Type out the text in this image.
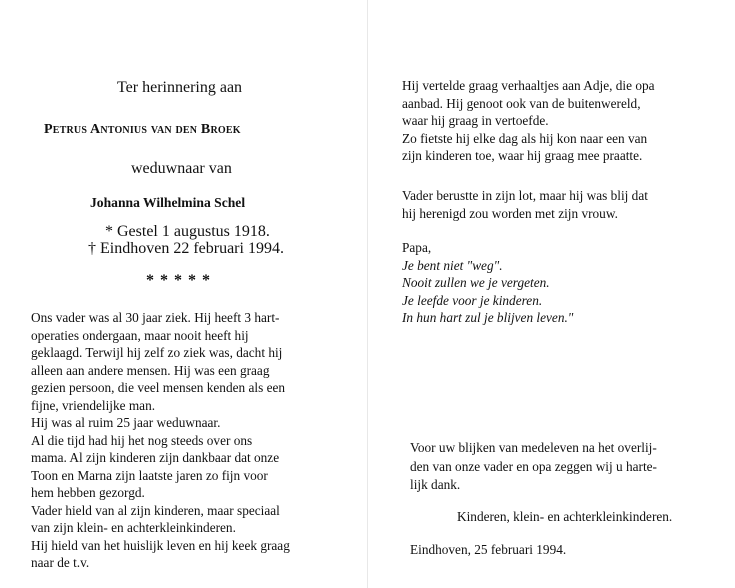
Ter herinnering aan
Petrus Antonius van den Broek
weduwnaar van
Johanna Wilhelmina Schel
* Gestel 1 augustus 1918.
† Eindhoven 22 februari 1994.
* * * * *
Ons vader was al 30 jaar ziek. Hij heeft 3 hart-
operaties ondergaan, maar nooit heeft hij
geklaagd. Terwijl hij zelf zo ziek was, dacht hij
alleen aan andere mensen. Hij was een graag
gezien persoon, die veel mensen kenden als een
fijne, vriendelijke man.
Hij was al ruim 25 jaar weduwnaar.
Al die tijd had hij het nog steeds over ons
mama. Al zijn kinderen zijn dankbaar dat onze
Toon en Marna zijn laatste jaren zo fijn voor
hem hebben gezorgd.
Vader hield van al zijn kinderen, maar speciaal
van zijn klein- en achterkleinkinderen.
Hij hield van het huislijk leven en hij keek graag
naar de t.v.
Hij vertelde graag verhaaltjes aan Adje, die opa
aanbad. Hij genoot ook van de buitenwereld,
waar hij graag in vertoefde.
Zo fietste hij elke dag als hij kon naar een van
zijn kinderen toe, waar hij graag mee praatte.
Vader berustte in zijn lot, maar hij was blij dat
hij herenigd zou worden met zijn vrouw.
Papa,
Je bent niet "weg".
Nooit zullen we je vergeten.
Je leefde voor je kinderen.
In hun hart zul je blijven leven."
Voor uw blijken van medeleven na het overlij-
den van onze vader en opa zeggen wij u harte-
lijk dank.
Kinderen, klein- en achterkleinkinderen.
Eindhoven, 25 februari 1994.
